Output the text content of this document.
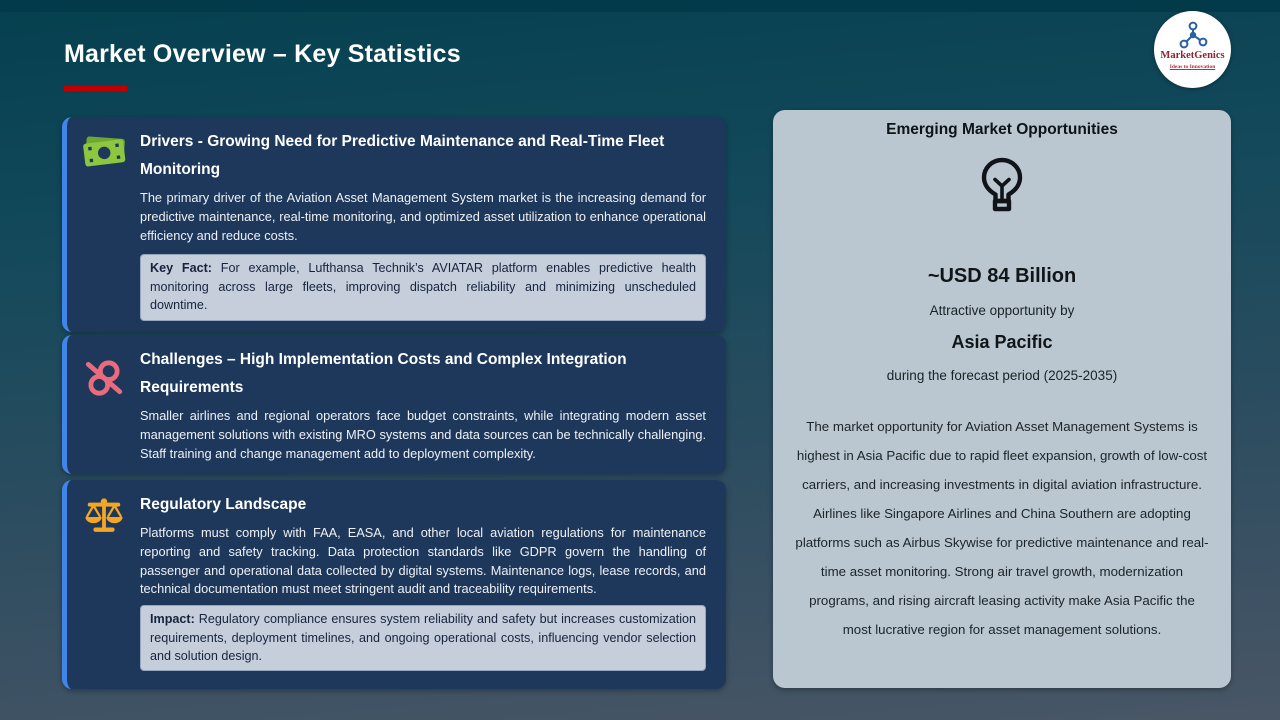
Market Overview – Key Statistics	MarketGenics
Ideas to Innovation
Drivers - Growing Need for Predictive Maintenance and Real-Time Fleet Monitoring
The primary driver of the Aviation Asset Management System market is the increasing demand for predictive maintenance, real-time monitoring, and optimized asset utilization to enhance operational efficiency and reduce costs.
Key Fact: For example, Lufthansa Technik’s AVIATAR platform enables predictive health monitoring across large fleets, improving dispatch reliability and minimizing unscheduled downtime.
Challenges – High Implementation Costs and Complex Integration Requirements
Smaller airlines and regional operators face budget constraints, while integrating modern asset management solutions with existing MRO systems and data sources can be technically challenging. Staff training and change management add to deployment complexity.
Regulatory Landscape
Platforms must comply with FAA, EASA, and other local aviation regulations for maintenance reporting and safety tracking. Data protection standards like GDPR govern the handling of passenger and operational data collected by digital systems. Maintenance logs, lease records, and technical documentation must meet stringent audit and traceability requirements.
Impact: Regulatory compliance ensures system reliability and safety but increases customization requirements, deployment timelines, and ongoing operational costs, influencing vendor selection and solution design.
Emerging Market Opportunities
~USD 84 Billion
Attractive opportunity by
Asia Pacific
during the forecast period (2025-2035)
The market opportunity for Aviation Asset Management Systems is highest in Asia Pacific due to rapid fleet expansion, growth of low-cost carriers, and increasing investments in digital aviation infrastructure. Airlines like Singapore Airlines and China Southern are adopting platforms such as Airbus Skywise for predictive maintenance and real-time asset monitoring. Strong air travel growth, modernization programs, and rising aircraft leasing activity make Asia Pacific the most lucrative region for asset management solutions.
